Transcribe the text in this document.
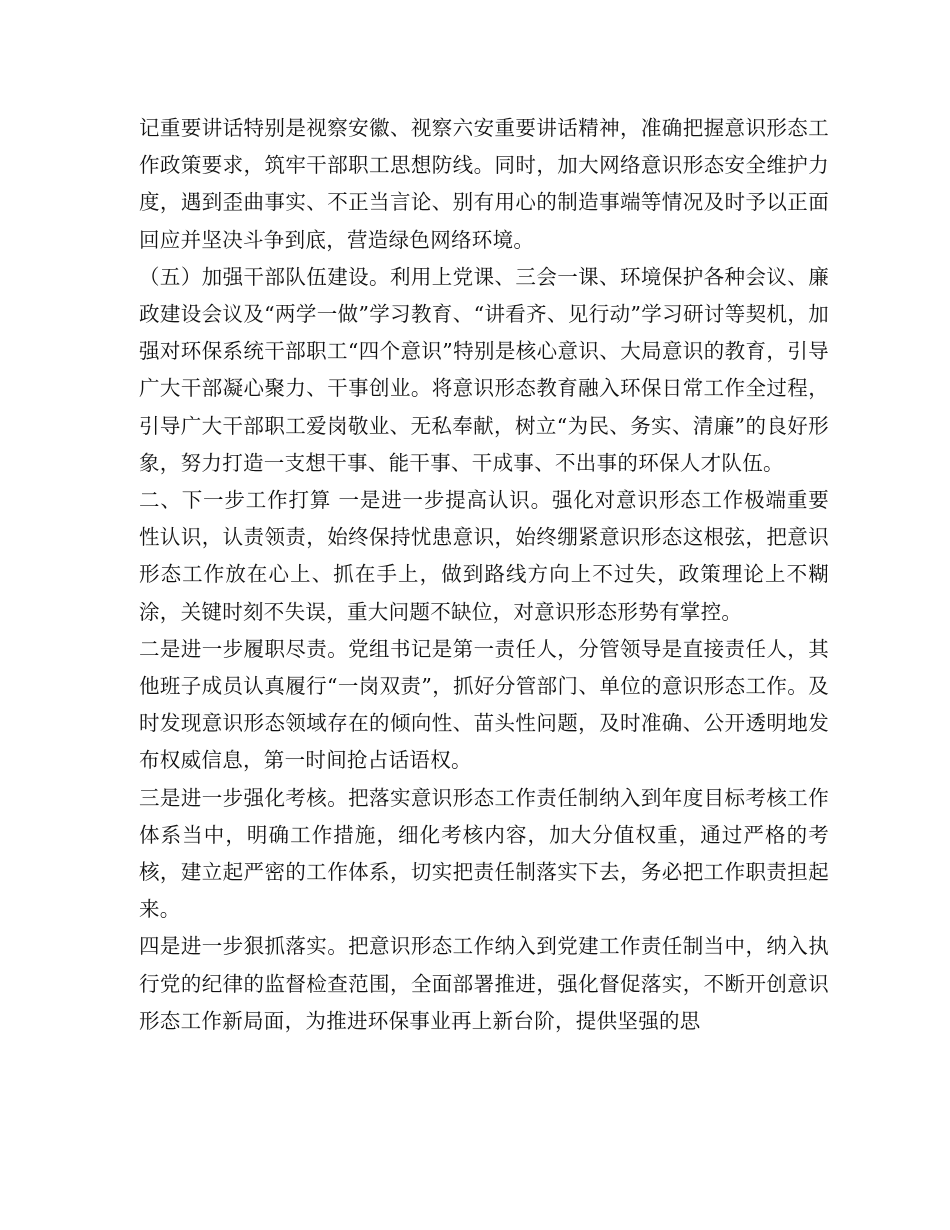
记重要讲话特别是视察安徽、视察六安重要讲话精神，准确把握意识形态工作政策要求，筑牢干部职工思想防线。同时，加大网络意识形态安全维护力度，遇到歪曲事实、不正当言论、别有用心的制造事端等情况及时予以正面回应并坚决斗争到底，营造绿色网络环境。

（五）加强干部队伍建设。利用上党课、三会一课、环境保护各种会议、廉政建设会议及“两学一做”学习教育、“讲看齐、见行动”学习研讨等契机，加强对环保系统干部职工“四个意识”特别是核心意识、大局意识的教育，引导广大干部凝心聚力、干事创业。将意识形态教育融入环保日常工作全过程，引导广大干部职工爱岗敬业、无私奉献，树立“为民、务实、清廉”的良好形象，努力打造一支想干事、能干事、干成事、不出事的环保人才队伍。

二、下一步工作打算 一是进一步提高认识。强化对意识形态工作极端重要性认识，认责领责，始终保持忧患意识，始终绷紧意识形态这根弦，把意识形态工作放在心上、抓在手上，做到路线方向上不过失，政策理论上不糊涂，关键时刻不失误，重大问题不缺位，对意识形态形势有掌控。

二是进一步履职尽责。党组书记是第一责任人，分管领导是直接责任人，其他班子成员认真履行“一岗双责”，抓好分管部门、单位的意识形态工作。及时发现意识形态领域存在的倾向性、苗头性问题，及时准确、公开透明地发布权威信息，第一时间抢占话语权。

三是进一步强化考核。把落实意识形态工作责任制纳入到年度目标考核工作体系当中，明确工作措施，细化考核内容，加大分值权重，通过严格的考核，建立起严密的工作体系，切实把责任制落实下去，务必把工作职责担起来。

四是进一步狠抓落实。把意识形态工作纳入到党建工作责任制当中，纳入执行党的纪律的监督检查范围，全面部署推进，强化督促落实，不断开创意识形态工作新局面，为推进环保事业再上新台阶，提供坚强的思
